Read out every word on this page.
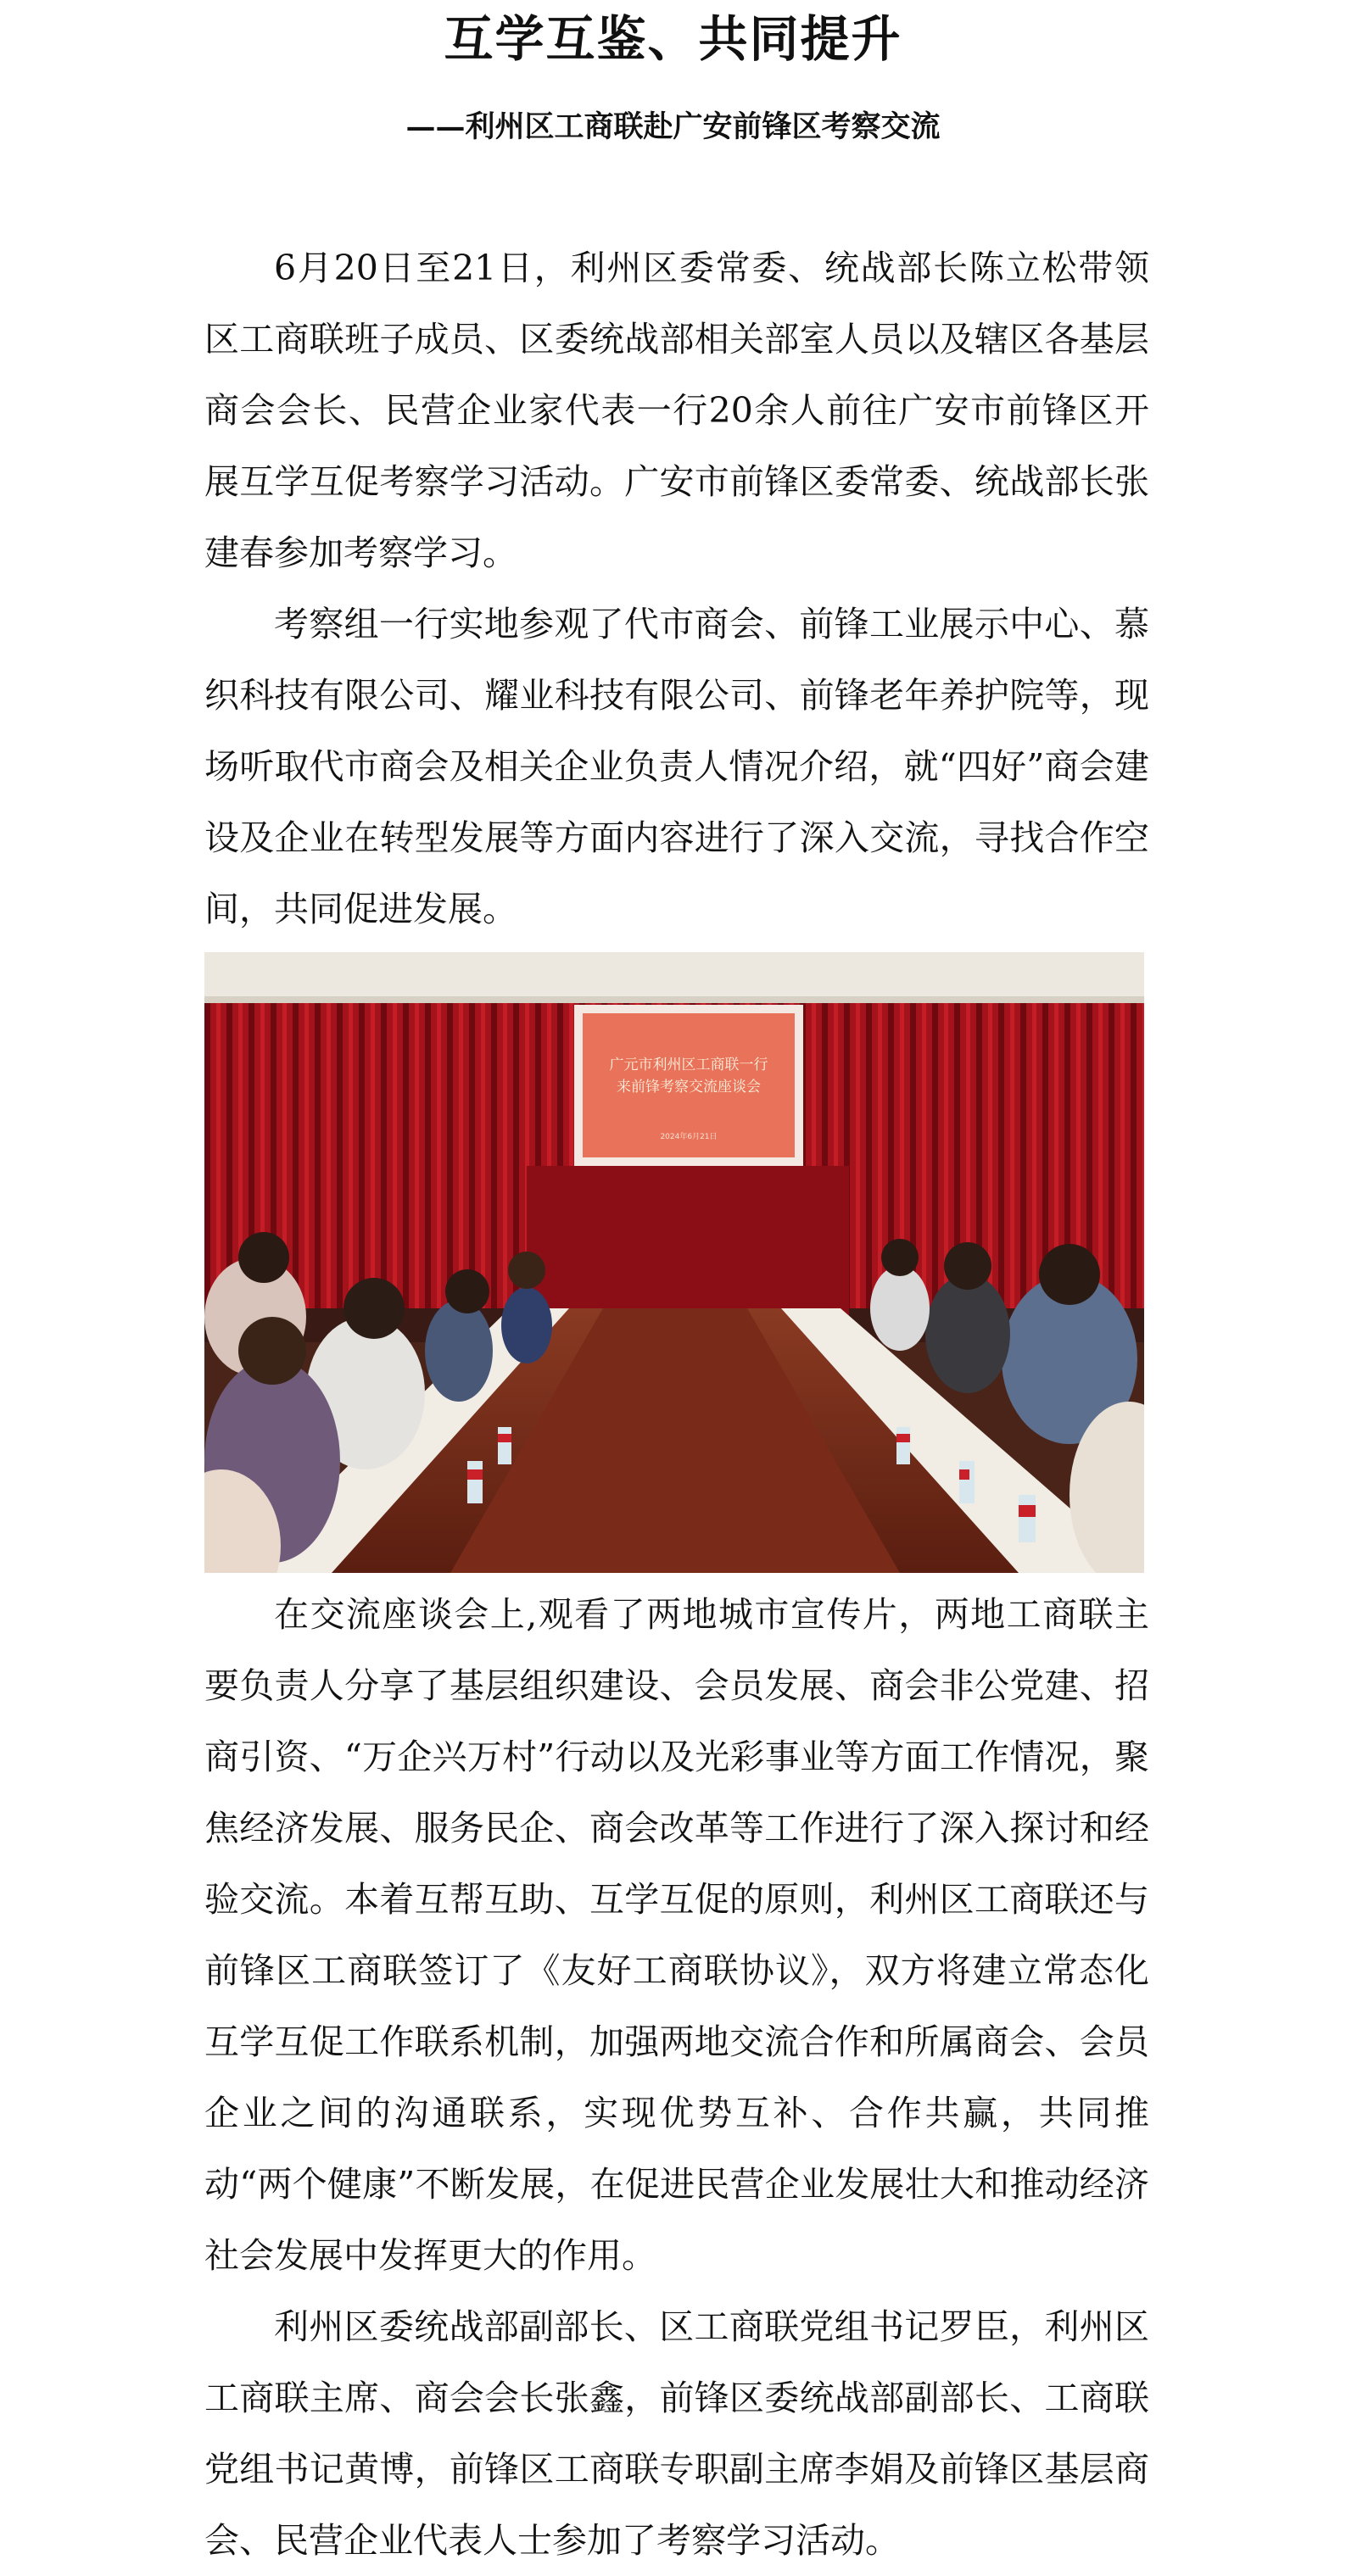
互学互鉴、共同提升
——利州区工商联赴广安前锋区考察交流

6月20日至21日，利州区委常委、统战部长陈立松带领区工商联班子成员、区委统战部相关部室人员以及辖区各基层商会会长、民营企业家代表一行20余人前往广安市前锋区开展互学互促考察学习活动。广安市前锋区委常委、统战部长张建春参加考察学习。

考察组一行实地参观了代市商会、前锋工业展示中心、慕织科技有限公司、耀业科技有限公司、前锋老年养护院等，现场听取代市商会及相关企业负责人情况介绍，就“四好”商会建设及企业在转型发展等方面内容进行了深入交流，寻找合作空间，共同促进发展。

广元市利州区工商联一行
来前锋考察交流座谈会
2024年6月21日

在交流座谈会上,观看了两地城市宣传片，两地工商联主要负责人分享了基层组织建设、会员发展、商会非公党建、招商引资、“万企兴万村”行动以及光彩事业等方面工作情况，聚焦经济发展、服务民企、商会改革等工作进行了深入探讨和经验交流。本着互帮互助、互学互促的原则，利州区工商联还与前锋区工商联签订了《友好工商联协议》，双方将建立常态化互学互促工作联系机制，加强两地交流合作和所属商会、会员企业之间的沟通联系，实现优势互补、合作共赢，共同推动“两个健康”不断发展，在促进民营企业发展壮大和推动经济社会发展中发挥更大的作用。

利州区委统战部副部长、区工商联党组书记罗臣，利州区工商联主席、商会会长张鑫，前锋区委统战部副部长、工商联党组书记黄博，前锋区工商联专职副主席李娟及前锋区基层商会、民营企业代表人士参加了考察学习活动。
